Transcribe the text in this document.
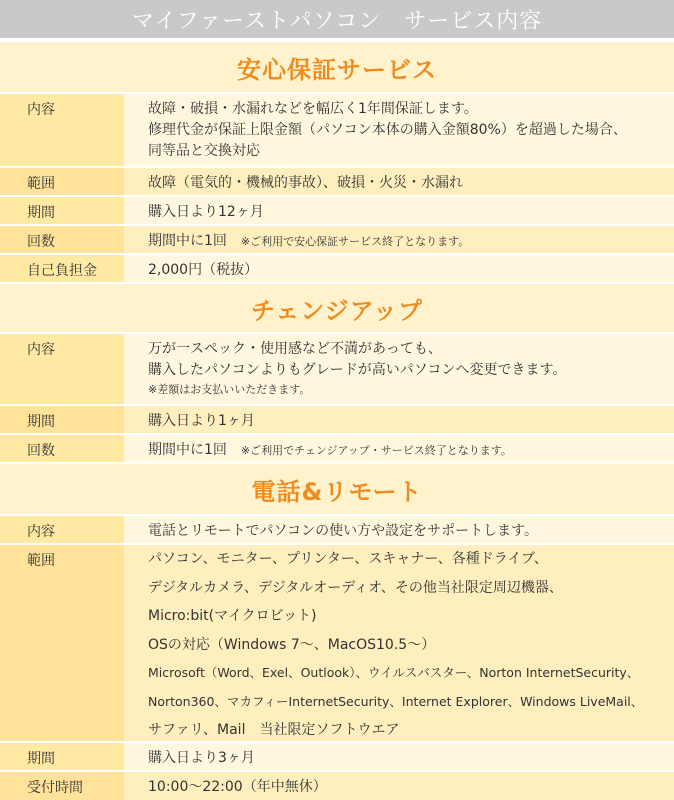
マイファーストパソコン　サービス内容
安心保証サービス
内容	故障・破損・水漏れなどを幅広く1年間保証します。
修理代金が保証上限金額（パソコン本体の購入金額80%）を超過した場合、
同等品と交換対応
範囲	故障（電気的・機械的事故）、破損・火災・水漏れ
期間	購入日より12ヶ月
回数	期間中に1回 ※ご利用で安心保証サービス終了となります。
自己負担金	2,000円（税抜）
チェンジアップ
内容	万が一スペック・使用感など不満があっても、
購入したパソコンよりもグレードが高いパソコンへ変更できます。
※差額はお支払いいただきます。
期間	購入日より1ヶ月
回数	期間中に1回 ※ご利用でチェンジアップ・サービス終了となります。
電話&リモート
内容	電話とリモートでパソコンの使い方や設定をサポートします。
範囲	パソコン、モニター、プリンター、スキャナー、各種ドライブ、
デジタルカメラ、デジタルオーディオ、その他当社限定周辺機器、
Micro:bit(マイクロビット)
OSの対応（Windows 7～、MacOS10.5～）
Microsoft（Word、Exel、Outlook）、ウイルスバスター、Norton InternetSecurity、
Norton360、マカフィーInternetSecurity、Internet Explorer、Windows LiveMail、
サファリ、Mail　当社限定ソフトウエア
期間	購入日より3ヶ月
受付時間	10:00～22:00（年中無休）
